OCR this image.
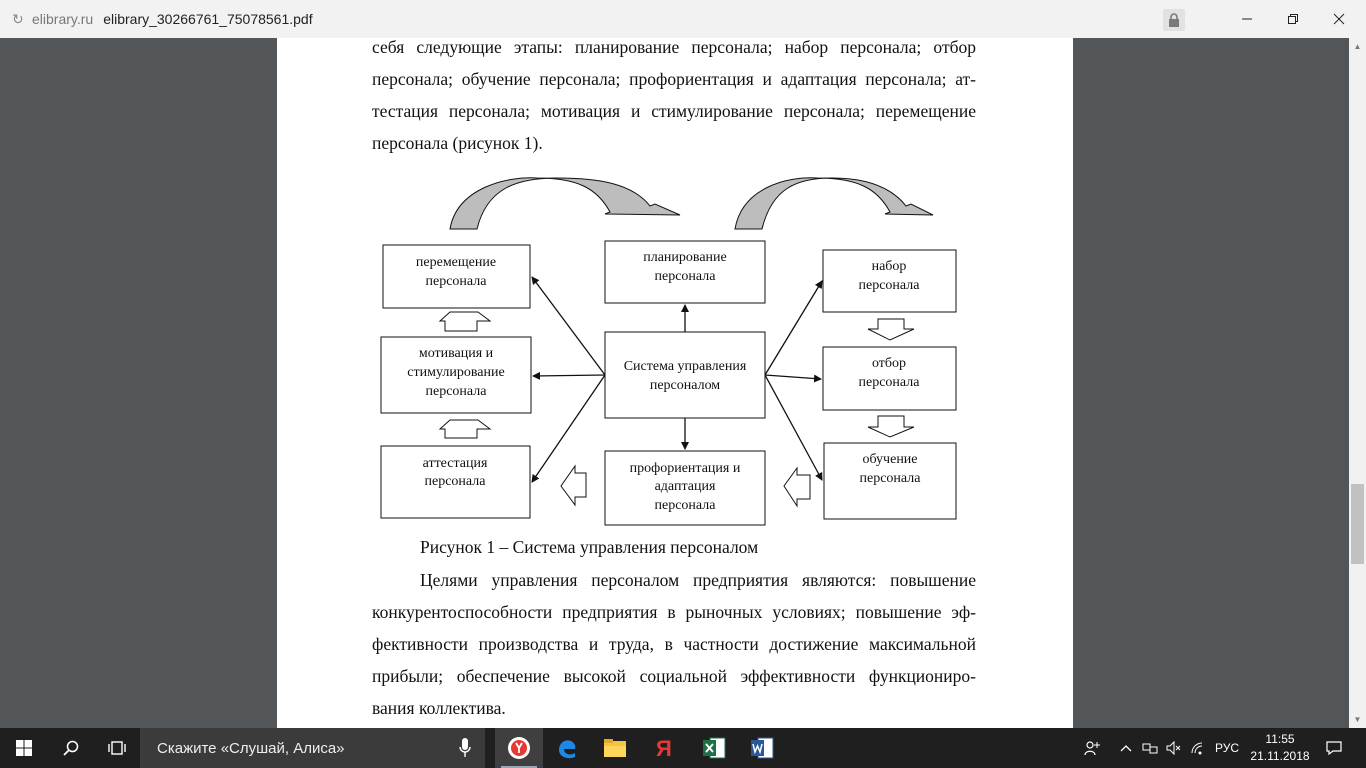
↻ elibrary.ru elibrary_30266761_75078561.pdf
себя следующие этапы: планирование персонала; набор персонала; отбор
персонала; обучение персонала; профориентация и адаптация персонала; ат-
тестация персонала; мотивация и стимулирование персонала; перемещение
персонала (рисунок 1).
перемещение
персонала
планирование
персонала
набор
персонала
мотивация и
стимулирование
персонала
Система управления
персоналом
отбор
персонала
аттестация
персонала
профориентация и
адаптация
персонала
обучение
персонала
Рисунок 1 – Система управления персоналом
Целями управления персоналом предприятия являются: повышение
конкурентоспособности предприятия в рыночных условиях; повышение эф-
фективности производства и труда, в частности достижение максимальной
прибыли; обеспечение высокой социальной эффективности функциониро-
вания коллектива.
▲
▼
Скажите «Слушай, Алиса»	Я	РУС
11:55
21.11.2018
